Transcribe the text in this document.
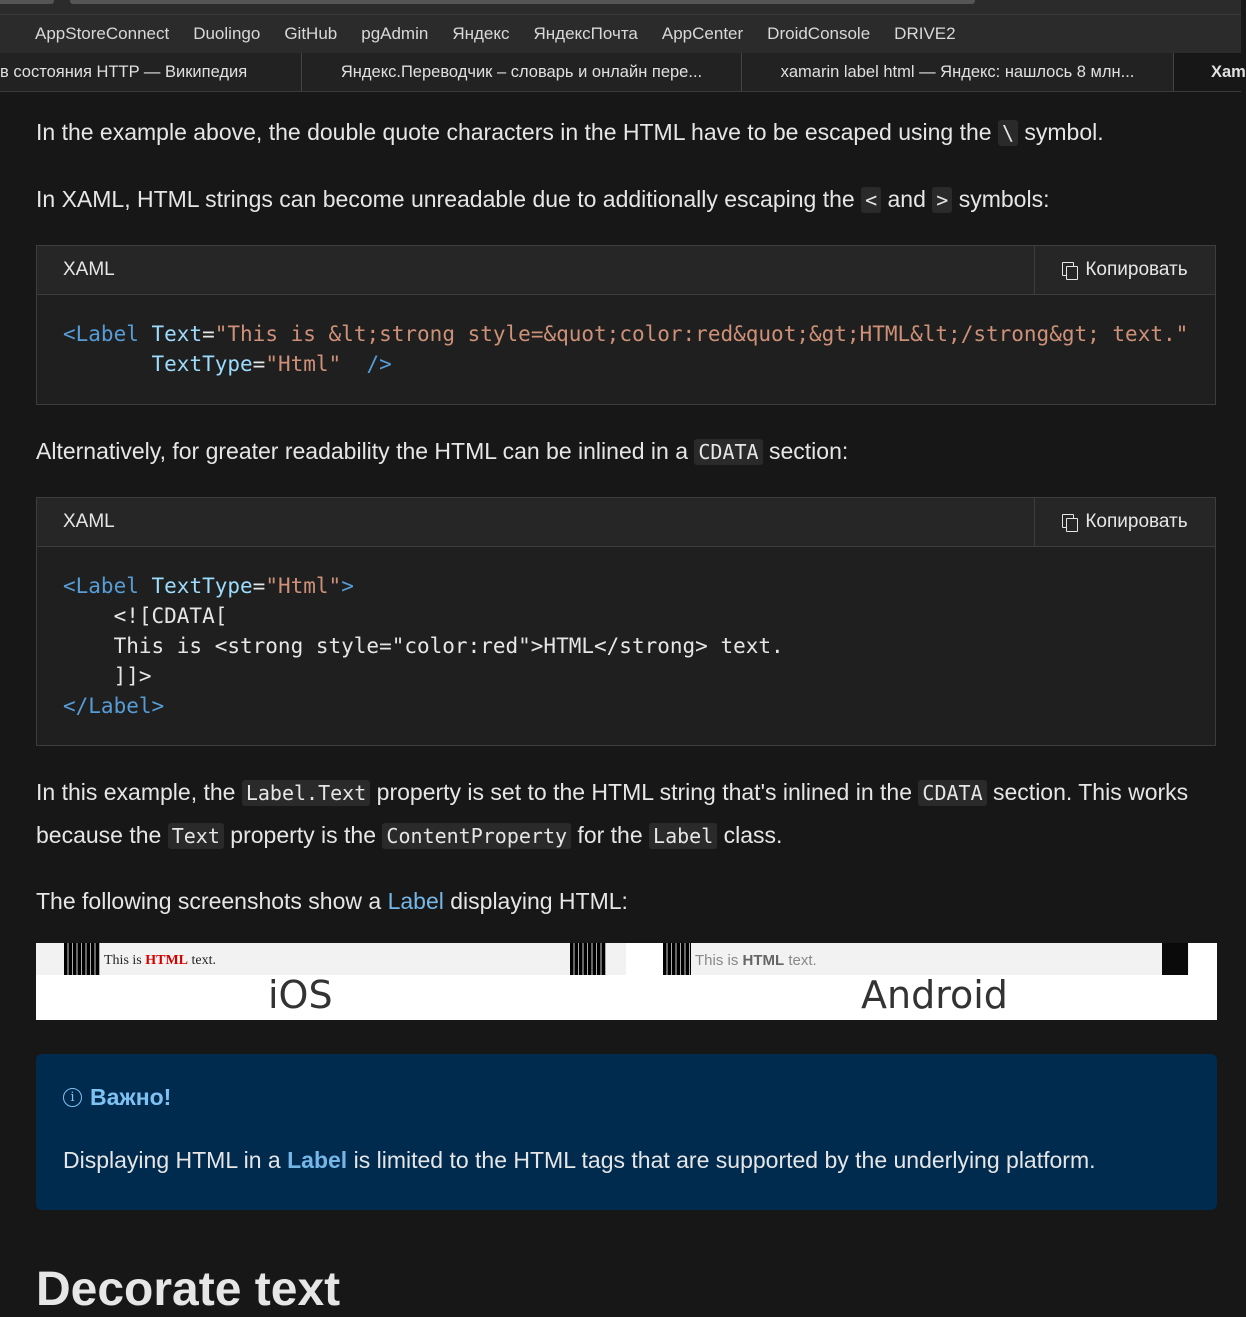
AppStoreConnect Duolingo GitHub pgAdmin Яндекс ЯндексПочта AppCenter DroidConsole DRIVE2
в состояния HTTP — Википедия	Яндекс.Переводчик – словарь и онлайн пере...	xamarin label html — Яндекс: нашлось 8 млн...	Xam

In the example above, the double quote characters in the HTML have to be escaped using the \ symbol.

In XAML, HTML strings can become unreadable due to additionally escaping the < and > symbols:

XAML	Копировать
<Label Text="This is &lt;strong style=&quot;color:red&quot;&gt;HTML&lt;/strong&gt; text."
TextType="Html"  />

Alternatively, for greater readability the HTML can be inlined in a CDATA section:

XAML	Копировать
<Label TextType="Html">
<![CDATA[
This is <strong style="color:red">HTML</strong> text.
]]>
</Label>

In this example, the Label.Text property is set to the HTML string that's inlined in the CDATA section. This works because the Text property is the ContentProperty for the Label class.

The following screenshots show a Label displaying HTML:

This is HTML text.
iOS
This is HTML text.
Android
i Важно!
Displaying HTML in a Label is limited to the HTML tags that are supported by the underlying platform.
Decorate text
